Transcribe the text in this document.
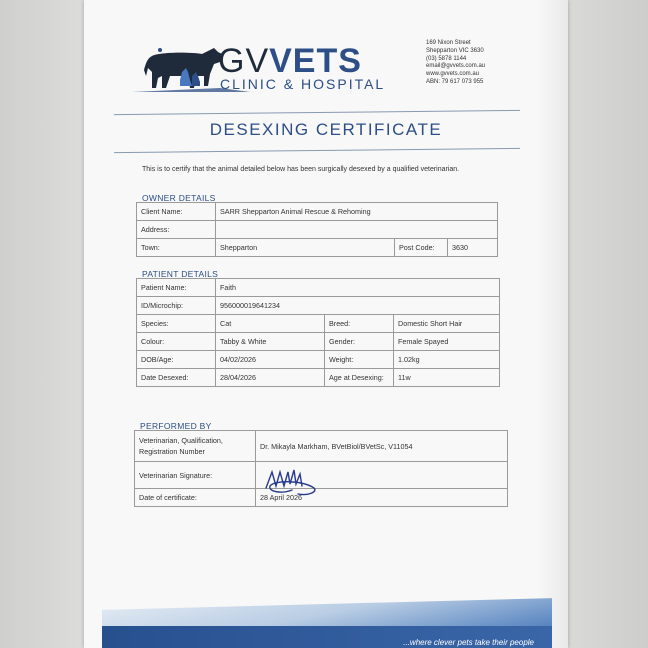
GVVETS
CLINIC & HOSPITAL
169 Nixon Street
Shepparton VIC 3630
(03) 5878 1144
email@gvvets.com.au
www.gvvets.com.au
ABN: 79 617 073 955
DESEXING CERTIFICATE
This is to certify that the animal detailed below has been surgically desexed by a qualified veterinarian.
OWNER DETAILS
Client Name:	SARR Shepparton Animal Rescue & Rehoming		
Address:			
Town:	Shepparton	Post Code:	3630
PATIENT DETAILS
Patient Name:	Faith		
ID/Microchip:	956000019641234		
Species:	Cat	Breed:	Domestic Short Hair
Colour:	Tabby & White	Gender:	Female Spayed
DOB/Age:	04/02/2026	Weight:	1.02kg
Date Desexed:	28/04/2026	Age at Desexing:	11w
PERFORMED BY
Veterinarian, Qualification,
Registration Number	Dr. Mikayla Markham, BVetBiol/BVetSc, V11054
Veterinarian Signature:	
Date of certificate:	28 April 2026
...where clever pets take their people
